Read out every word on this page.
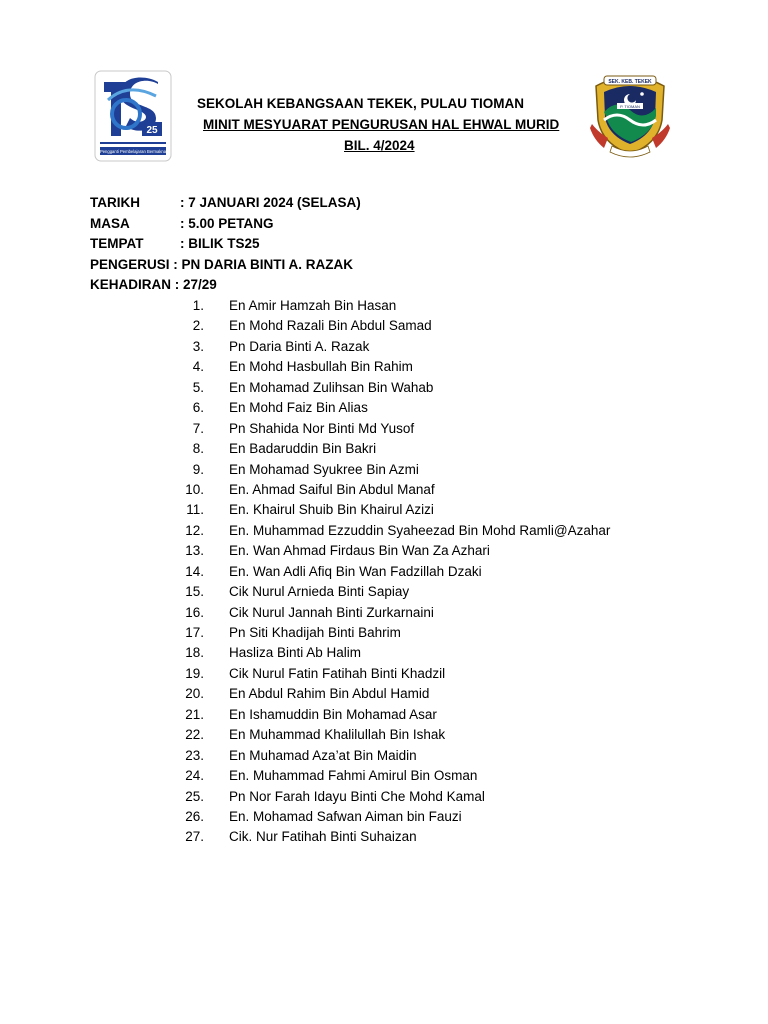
25
Pengganti Pembelajaran Bermakna
SEK. KEB. TEKEK
P. TIOMAN
SEKOLAH KEBANGSAAN TEKEK, PULAU TIOMAN
MINIT MESYUARAT PENGURUSAN HAL EHWAL MURID
BIL. 4/2024
TARIKH	: 7 JANUARI 2024 (SELASA)
MASA	: 5.00 PETANG
TEMPAT	: BILIK TS25
PENGERUSI : PN DARIA BINTI A. RAZAK
KEHADIRAN : 27/29
1. En Amir Hamzah Bin Hasan
2. En Mohd Razali Bin Abdul Samad
3. Pn Daria Binti A. Razak
4. En Mohd Hasbullah Bin Rahim
5. En Mohamad Zulihsan Bin Wahab
6. En Mohd Faiz Bin Alias
7. Pn Shahida Nor Binti Md Yusof
8. En Badaruddin Bin Bakri
9. En Mohamad Syukree Bin Azmi
10. En. Ahmad Saiful Bin Abdul Manaf
11. En. Khairul Shuib Bin Khairul Azizi
12. En. Muhammad Ezzuddin Syaheezad Bin Mohd Ramli@Azahar
13. En. Wan Ahmad Firdaus Bin Wan Za Azhari
14. En. Wan Adli Afiq Bin Wan Fadzillah Dzaki
15. Cik Nurul Arnieda Binti Sapiay
16. Cik Nurul Jannah Binti Zurkarnaini
17. Pn Siti Khadijah Binti Bahrim
18. Hasliza Binti Ab Halim
19. Cik Nurul Fatin Fatihah Binti Khadzil
20. En Abdul Rahim Bin Abdul Hamid
21. En Ishamuddin Bin Mohamad Asar
22. En Muhammad Khalilullah Bin Ishak
23. En Muhamad Aza’at Bin Maidin
24. En. Muhammad Fahmi Amirul Bin Osman
25. Pn Nor Farah Idayu Binti Che Mohd Kamal
26. En. Mohamad Safwan Aiman bin Fauzi
27. Cik. Nur Fatihah Binti Suhaizan
